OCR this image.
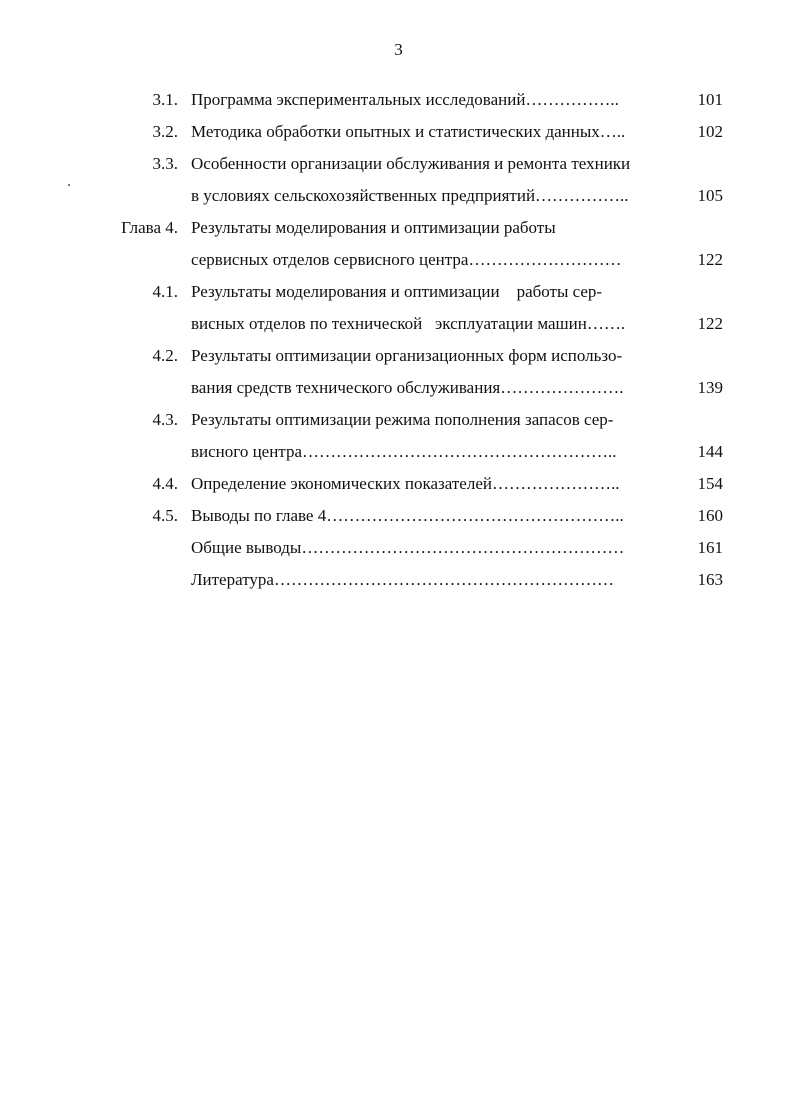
3
3.1. Программа экспериментальных исследований……………..	101
3.2. Методика обработки опытных и статистических данных…..	102
3.3. Особенности организации обслуживания и ремонта техники
в условиях сельскохозяйственных предприятий……………..	105
Глава 4. Результаты моделирования и оптимизации работы
сервисных отделов сервисного центра………………………	122
4.1. Результаты моделирования и оптимизации    работы сер-
висных отделов по технической   эксплуатации машин…….	122
4.2. Результаты оптимизации организационных форм использо-
вания средств технического обслуживания………………….	139
4.3. Результаты оптимизации режима пополнения запасов сер-
висного центра………………………………………………..	144
4.4. Определение экономических показателей…………………..	154
4.5. Выводы по главе 4……………………………………………..	160
Общие выводы…………………………………………………	161
Литература……………………………………………………	163
